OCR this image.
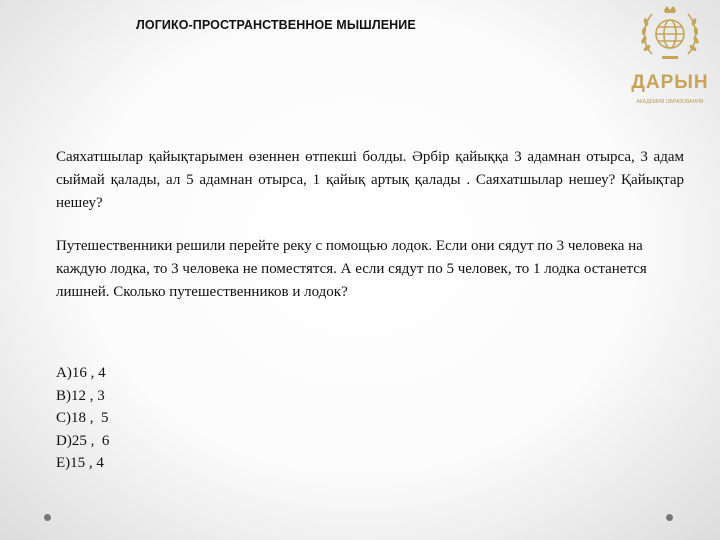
ЛОГИКО-ПРОСТРАНСТВЕННОЕ МЫШЛЕНИЕ
ДАРЫН
АКАДЕМИЯ ОБРАЗОВАНИЯ

Саяхатшылар қайықтарымен өзеннен өтпекші болды. Әрбір қайыққа 3 адамнан отырса, 3 адам сыймай қалады, ал 5 адамнан отырса, 1 қайық артық қалады . Саяхатшылар нешеу? Қайықтар нешеу?

Путешественники решили перейте реку с помощью лодок. Если они сядут по 3 человека на каждую лодка, то 3 человека не поместятся. А если сядут по 5 человек, то 1 лодка останется лишней. Сколько путешественников и лодок?

A)16 , 4
B)12 , 3
C)18 ,  5
D)25 ,  6
E)15 , 4
